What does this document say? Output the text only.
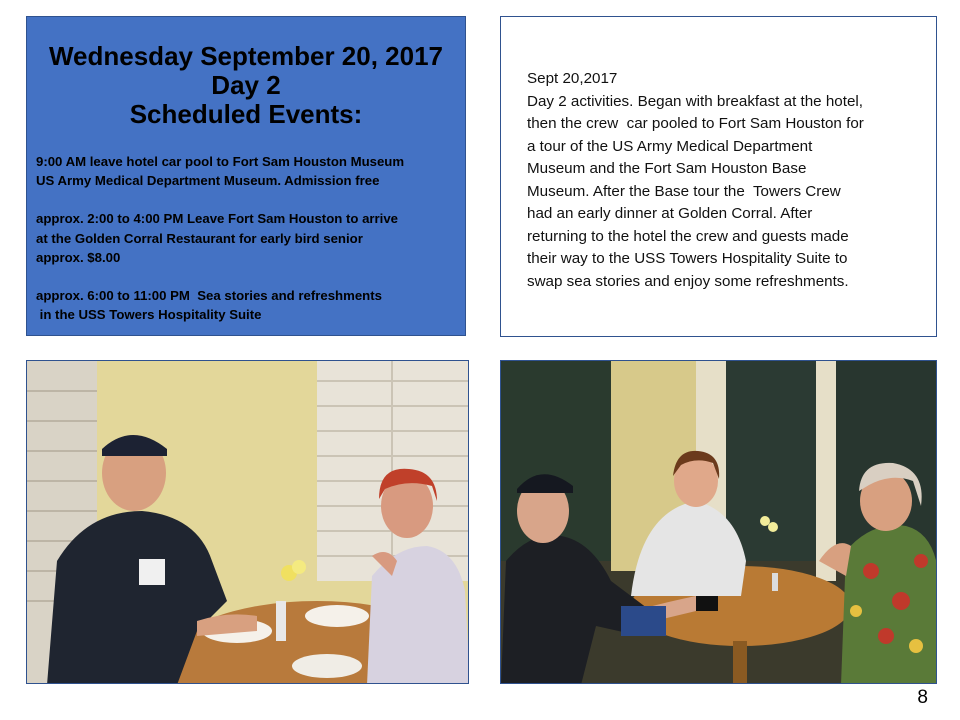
Wednesday September 20, 2017
Day 2
Scheduled Events:
9:00 AM leave hotel car pool to Fort Sam Houston Museum
US Army Medical Department Museum. Admission free
approx. 2:00 to 4:00 PM Leave Fort Sam Houston to arrive
at the Golden Corral Restaurant for early bird senior
approx. $8.00
approx. 6:00 to 11:00 PM  Sea stories and refreshments
in the USS Towers Hospitality Suite
Sept 20,2017
Day 2 activities. Began with breakfast at the hotel,
then the crew  car pooled to Fort Sam Houston for
a tour of the US Army Medical Department
Museum and the Fort Sam Houston Base
Museum. After the Base tour the  Towers Crew
had an early dinner at Golden Corral. After
returning to the hotel the crew and guests made
their way to the USS Towers Hospitality Suite to
swap sea stories and enjoy some refreshments.
8
